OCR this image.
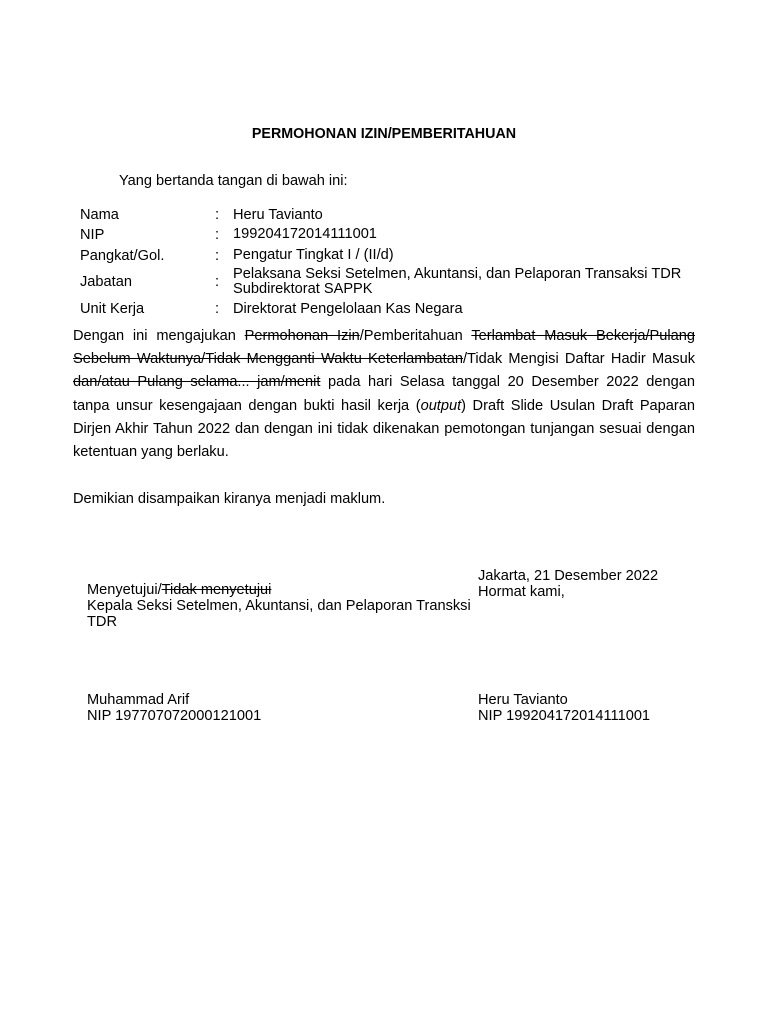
PERMOHONAN IZIN/PEMBERITAHUAN
Yang bertanda tangan di bawah ini:
Nama	: Heru Tavianto
NIP	: 199204172014111001
Pangkat/Gol.	: Pengatur Tingkat I / (II/d)
Jabatan	: Pelaksana Seksi Setelmen, Akuntansi, dan Pelaporan Transaksi TDR
Subdirektorat SAPPK
Unit Kerja	: Direktorat Pengelolaan Kas Negara
Dengan ini mengajukan Permohonan Izin/Pemberitahuan Terlambat Masuk Bekerja/Pulang Sebelum Waktunya/Tidak Mengganti Waktu Keterlambatan/Tidak Mengisi Daftar Hadir Masuk dan/atau Pulang selama... jam/menit pada hari Selasa tanggal 20 Desember 2022 dengan tanpa unsur kesengajaan dengan bukti hasil kerja (output) Draft Slide Usulan Draft Paparan Dirjen Akhir Tahun 2022 dan dengan ini tidak dikenakan pemotongan tunjangan sesuai dengan ketentuan yang berlaku.
Demikian disampaikan kiranya menjadi maklum.
Menyetujui/Tidak menyetujui
Kepala Seksi Setelmen, Akuntansi, dan Pelaporan Transksi TDR
Jakarta, 21 Desember 2022
Hormat kami,
Muhammad Arif
NIP 197707072000121001
Heru Tavianto
NIP 199204172014111001
